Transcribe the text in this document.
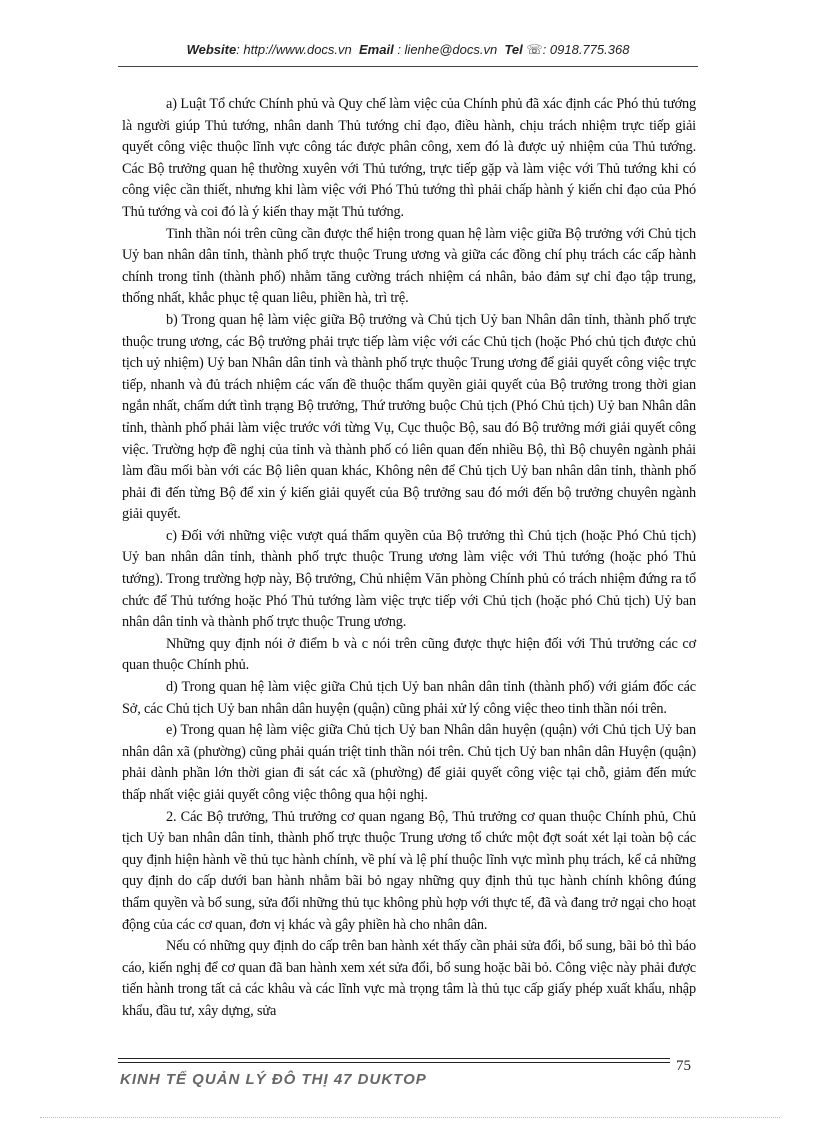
Website: http://www.docs.vn Email : lienhe@docs.vn Tel ☏: 0918.775.368

a) Luật Tổ chức Chính phủ và Quy chế làm việc của Chính phủ đã xác định các Phó thủ tướng là người giúp Thủ tướng, nhân danh Thủ tướng chỉ đạo, điều hành, chịu trách nhiệm trực tiếp giải quyết công việc thuộc lĩnh vực công tác được phân công, xem đó là được uỷ nhiệm của Thủ tướng. Các Bộ trưởng quan hệ thường xuyên với Thủ tướng, trực tiếp gặp và làm việc với Thủ tướng khi có công việc cần thiết, nhưng khi làm việc với Phó Thủ tướng thì phải chấp hành ý kiến chỉ đạo của Phó Thủ tướng và coi đó là ý kiến thay mặt Thủ tướng.

Tinh thần nói trên cũng cần được thể hiện trong quan hệ làm việc giữa Bộ trưởng với Chủ tịch Uỷ ban nhân dân tỉnh, thành phố trực thuộc Trung ương và giữa các đồng chí phụ trách các cấp hành chính trong tỉnh (thành phố) nhằm tăng cường trách nhiệm cá nhân, bảo đảm sự chỉ đạo tập trung, thống nhất, khắc phục tệ quan liêu, phiền hà, trì trệ.

b) Trong quan hệ làm việc giữa Bộ trưởng và Chủ tịch Uỷ ban Nhân dân tỉnh, thành phố trực thuộc trung ương, các Bộ trưởng phải trực tiếp làm việc với các Chủ tịch (hoặc Phó chủ tịch được chủ tịch uỷ nhiệm) Uỷ ban Nhân dân tỉnh và thành phố trực thuộc Trung ương để giải quyết công việc trực tiếp, nhanh và đủ trách nhiệm các vấn đề thuộc thẩm quyền giải quyết của Bộ trưởng trong thời gian ngắn nhất, chấm dứt tình trạng Bộ trưởng, Thứ trưởng buộc Chủ tịch (Phó Chủ tịch) Uỷ ban Nhân dân tỉnh, thành phố phải làm việc trước với từng Vụ, Cục thuộc Bộ, sau đó Bộ trưởng mới giải quyết công việc. Trường hợp đề nghị của tỉnh và thành phố có liên quan đến nhiều Bộ, thì Bộ chuyên ngành phải làm đầu mối bàn với các Bộ liên quan khác, Không nên để Chủ tịch Uỷ ban nhân dân tỉnh, thành phố phải đi đến từng Bộ để xin ý kiến giải quyết của Bộ trưởng sau đó mới đến bộ trưởng chuyên ngành giải quyết.

c) Đối với những việc vượt quá thẩm quyền của Bộ trưởng thì Chủ tịch (hoặc Phó Chủ tịch) Uỷ ban nhân dân tỉnh, thành phố trực thuộc Trung ương làm việc với Thủ tướng (hoặc phó Thủ tướng). Trong trường hợp này, Bộ trưởng, Chủ nhiệm Văn phòng Chính phủ có trách nhiệm đứng ra tổ chức để Thủ tướng hoặc Phó Thủ tướng làm việc trực tiếp với Chủ tịch (hoặc phó Chủ tịch) Uỷ ban nhân dân tỉnh và thành phố trực thuộc Trung ương.

Những quy định nói ở điểm b và c nói trên cũng được thực hiện đối với Thủ trưởng các cơ quan thuộc Chính phủ.

d) Trong quan hệ làm việc giữa Chủ tịch Uỷ ban nhân dân tỉnh (thành phố) với giám đốc các Sở, các Chủ tịch Uỷ ban nhân dân huyện (quận) cũng phải xử lý công việc theo tinh thần nói trên.

e) Trong quan hệ làm việc giữa Chủ tịch Uỷ ban Nhân dân huyện (quận) với Chủ tịch Uỷ ban nhân dân xã (phường) cũng phải quán triệt tinh thần nói trên. Chủ tịch Uỷ ban nhân dân Huyện (quận) phải dành phần lớn thời gian đi sát các xã (phường) để giải quyết công việc tại chỗ, giảm đến mức thấp nhất việc giải quyết công việc thông qua hội nghị.

2. Các Bộ trưởng, Thủ trưởng cơ quan ngang Bộ, Thủ trưởng cơ quan thuộc Chính phủ, Chủ tịch Uỷ ban nhân dân tỉnh, thành phố trực thuộc Trung ương tổ chức một đợt soát xét lại toàn bộ các quy định hiện hành về thủ tục hành chính, về phí và lệ phí thuộc lĩnh vực mình phụ trách, kể cả những quy định do cấp dưới ban hành nhằm bãi bỏ ngay những quy định thủ tục hành chính không đúng thẩm quyền và bổ sung, sửa đổi những thủ tục không phù hợp với thực tế, đã và đang trở ngại cho hoạt động của các cơ quan, đơn vị khác và gây phiền hà cho nhân dân.

Nếu có những quy định do cấp trên ban hành xét thấy cần phải sửa đổi, bổ sung, bãi bỏ thì báo cáo, kiến nghị để cơ quan đã ban hành xem xét sửa đổi, bổ sung hoặc bãi bỏ. Công việc này phải được tiến hành trong tất cả các khâu và các lĩnh vực mà trọng tâm là thủ tục cấp giấy phép xuất khẩu, nhập khẩu, đầu tư, xây dựng, sửa

75
KINH TẾ QUẢN LÝ ĐÔ THỊ 47 DUKTOP
